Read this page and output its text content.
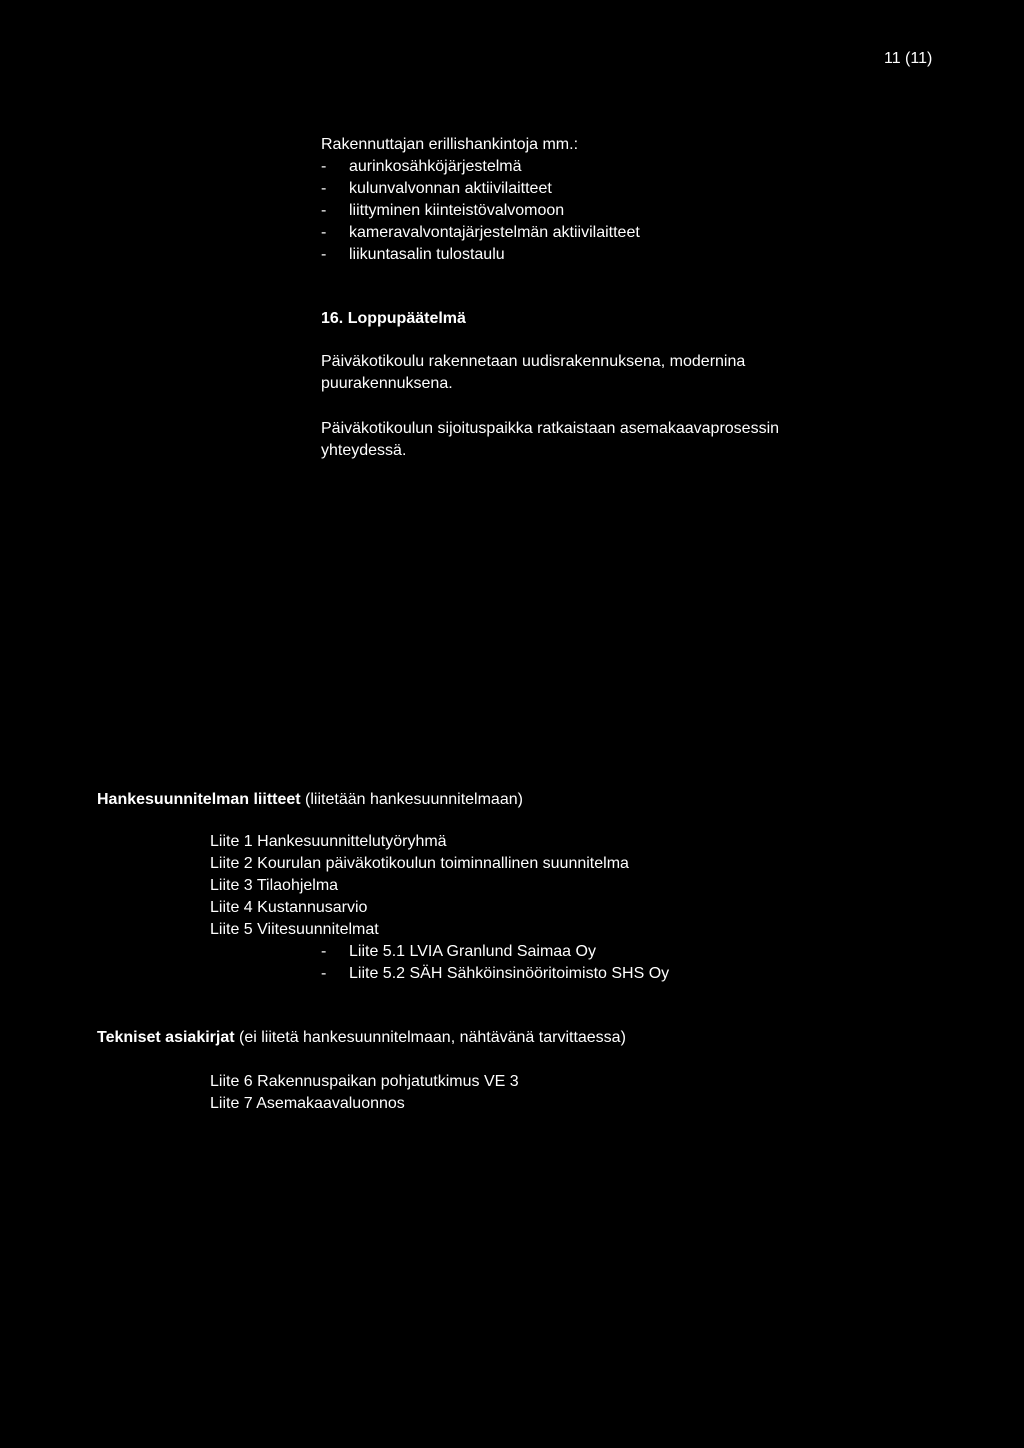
11 (11)
Rakennuttajan erillishankintoja mm.:
- aurinkosähköjärjestelmä
- kulunvalvonnan aktiivilaitteet
- liittyminen kiinteistövalvomoon
- kameravalvontajärjestelmän aktiivilaitteet
- liikuntasalin tulostaulu
16. Loppupäätelmä
Päiväkotikoulu rakennetaan uudisrakennuksena, modernina
puurakennuksena.
Päiväkotikoulun sijoituspaikka ratkaistaan asemakaavaprosessin
yhteydessä.
Hankesuunnitelman liitteet (liitetään hankesuunnitelmaan)
Liite 1 Hankesuunnittelutyöryhmä
Liite 2 Kourulan päiväkotikoulun toiminnallinen suunnitelma
Liite 3 Tilaohjelma
Liite 4 Kustannusarvio
Liite 5 Viitesuunnitelmat
- Liite 5.1 LVIA Granlund Saimaa Oy
- Liite 5.2 SÄH Sähköinsinööritoimisto SHS Oy
Tekniset asiakirjat (ei liitetä hankesuunnitelmaan, nähtävänä tarvittaessa)
Liite 6 Rakennuspaikan pohjatutkimus VE 3
Liite 7 Asemakaavaluonnos
